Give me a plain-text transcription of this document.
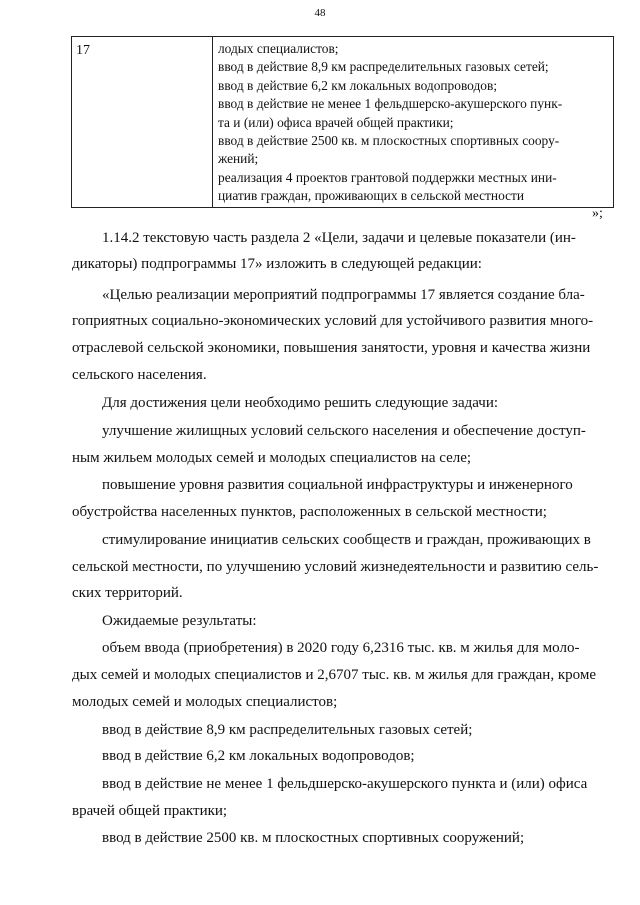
48
17	лодых специалистов;
ввод в действие 8,9 км распределительных газовых сетей;
ввод в действие 6,2 км локальных водопроводов;
ввод в действие не менее 1 фельдшерско-акушерского пунк-
та и (или) офиса врачей общей практики;
ввод в действие 2500 кв. м плоскостных спортивных соору-
жений;
реализация 4 проектов грантовой поддержки местных ини-
циатив граждан, проживающих в сельской местности
»;
1.14.2 текстовую часть раздела 2 «Цели, задачи и целевые показатели (ин-
дикаторы) подпрограммы 17» изложить в следующей редакции:
«Целью реализации мероприятий подпрограммы 17 является создание бла-
гоприятных социально-экономических условий для устойчивого развития много-
отраслевой сельской экономики, повышения занятости, уровня и качества жизни
сельского населения.
Для достижения цели необходимо решить следующие задачи:
улучшение жилищных условий сельского населения и обеспечение доступ-
ным жильем молодых семей и молодых специалистов на селе;
повышение уровня развития социальной инфраструктуры и инженерного
обустройства населенных пунктов, расположенных в сельской местности;
стимулирование инициатив сельских сообществ и граждан, проживающих в
сельской местности, по улучшению условий жизнедеятельности и развитию сель-
ских территорий.
Ожидаемые результаты:
объем ввода (приобретения) в 2020 году 6,2316 тыс. кв. м жилья для моло-
дых семей и молодых специалистов и 2,6707 тыс. кв. м жилья для граждан, кроме
молодых семей и молодых специалистов;
ввод в действие 8,9 км распределительных газовых сетей;
ввод в действие 6,2 км локальных водопроводов;
ввод в действие не менее 1 фельдшерско-акушерского пункта и (или) офиса
врачей общей практики;
ввод в действие 2500 кв. м плоскостных спортивных сооружений;
